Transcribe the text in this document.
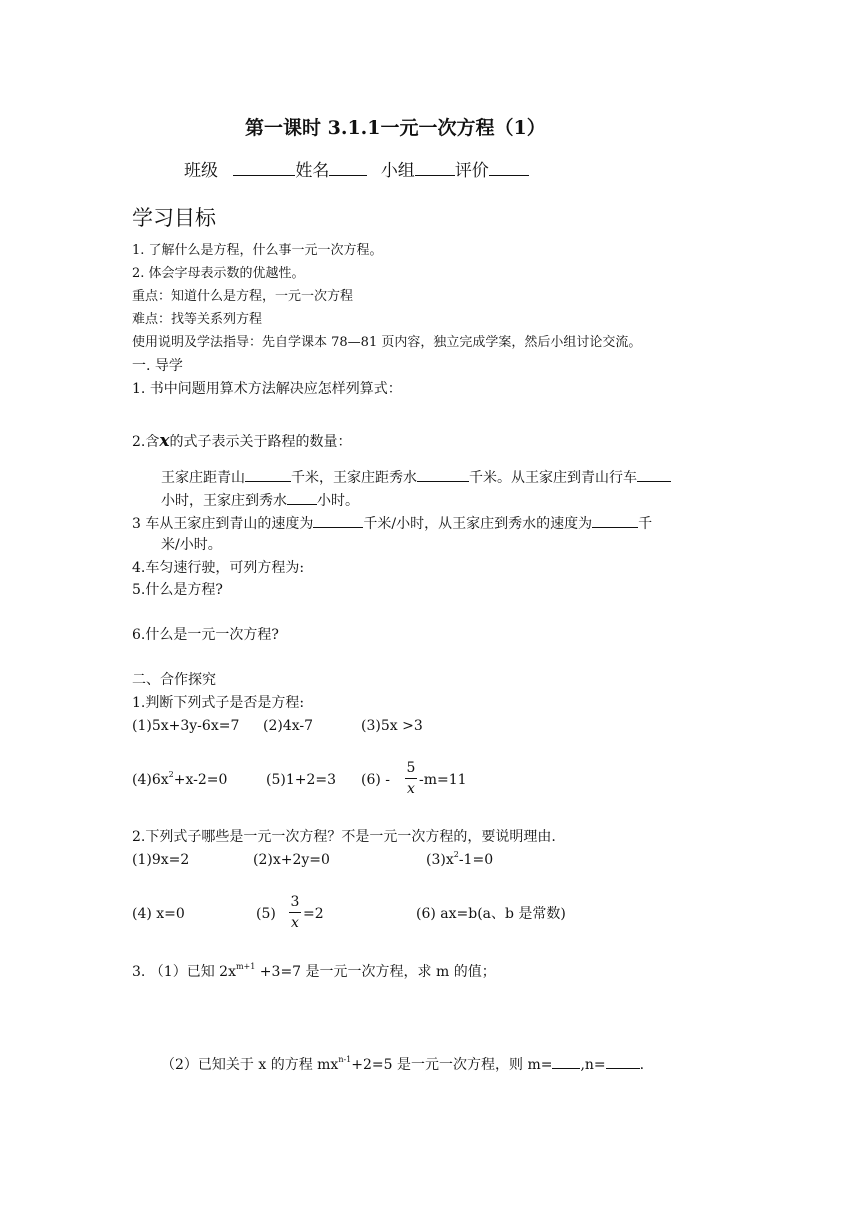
第一课时 3.1.1一元一次方程（1）
班级	姓名	小组 评价
学习目标
1. 了解什么是方程，什么事一元一次方程。
2. 体会字母表示数的优越性。
重点：知道什么是方程，一元一次方程
难点：找等关系列方程
使用说明及学法指导：先自学课本 78—81 页内容，独立完成学案，然后小组讨论交流。
一. 导学
1. 书中问题用算术方法解决应怎样列算式：
2.含x的式子表示关于路程的数量：
王家庄距青山	千米，王家庄距秀水	千米。从王家庄到青山行车
小时，王家庄到秀水 小时。
3 车从王家庄到青山的速度为	千米/小时，从王家庄到秀水的速度为	千
米/小时。
4.车匀速行驶，可列方程为:
5.什么是方程?
6.什么是一元一次方程?
二、合作探究
1.判断下列式子是否是方程:
(1)5x+3y-6x=7 (2)4x-7	(3)5x >3
$(4)6x^2+x-2=0$	(5)1+2=3 (6) -
5
x
-m=11
2.下列式子哪些是一元一次方程？不是一元一次方程的，要说明理由.
(1)9x=2	(2)x+2y=0	$(3)x^2-1=0$
(4) x=0	(5)
3
x
=2	(6) ax=b(a、b 是常数)
3. （1）已知 $2x^{m+1} +3=7$ 是一元一次方程，求 m 的值；
（2）已知关于 x 的方程 $mx^{n-1}+2=5$ 是一元一次方程，则 m= ,n= .
